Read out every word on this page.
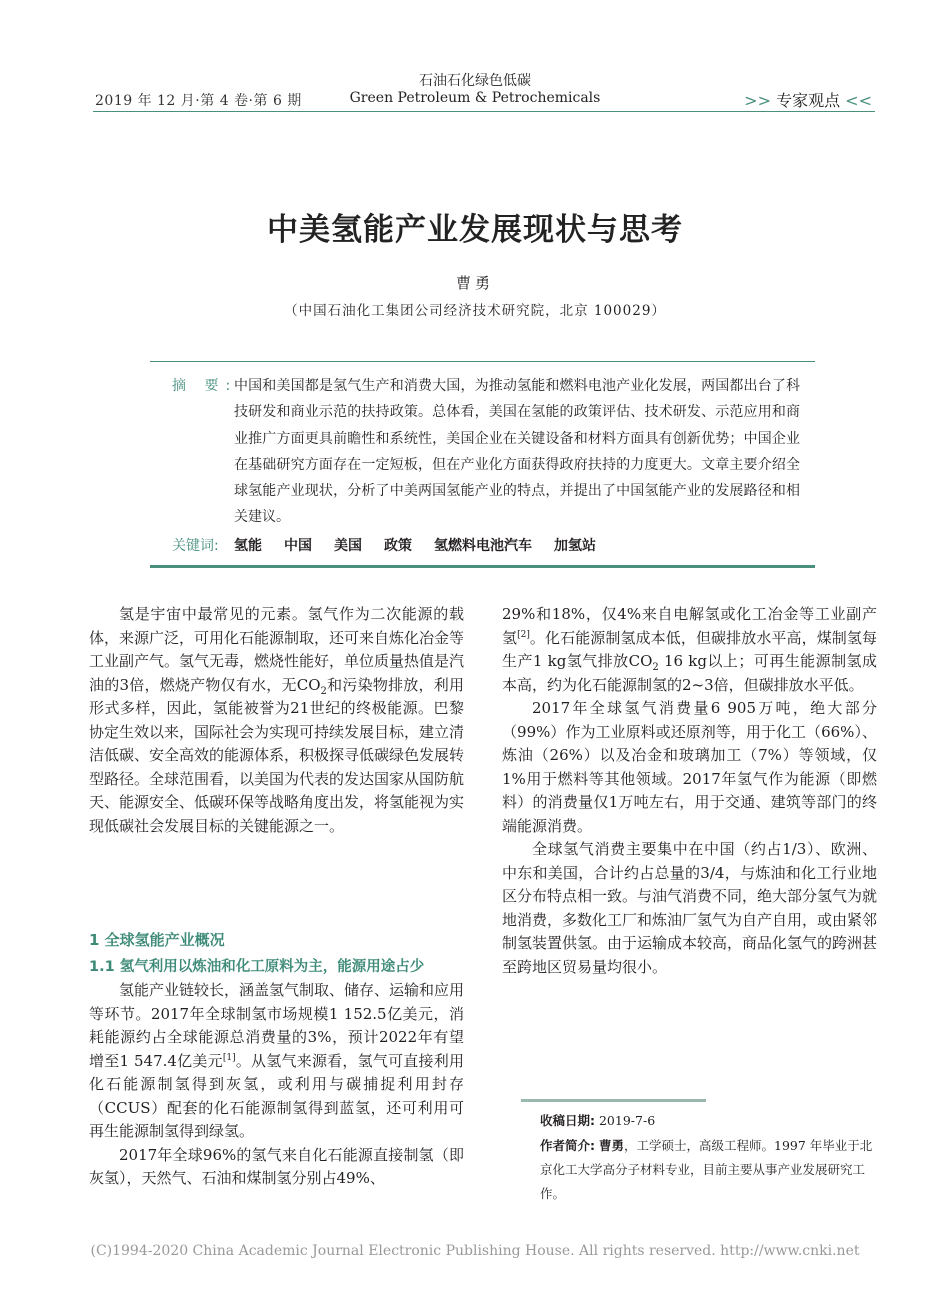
2019 年 12 月·第 4 卷·第 6 期
石油石化绿色低碳
Green Petroleum & Petrochemicals	>> 专家观点 <<
中美氢能产业发展现状与思考
曹勇
（中国石油化工集团公司经济技术研究院，北京 100029）
摘 要:
中国和美国都是氢气生产和消费大国，为推动氢能和燃料电池产业化发展，两国都出台了科技研发和商业示范的扶持政策。总体看，美国在氢能的政策评估、技术研发、示范应用和商业推广方面更具前瞻性和系统性，美国企业在关键设备和材料方面具有创新优势；中国企业在基础研究方面存在一定短板，但在产业化方面获得政府扶持的力度更大。文章主要介绍全球氢能产业现状，分析了中美两国氢能产业的特点，并提出了中国氢能产业的发展路径和相关建议。
关键词: 氢能 中国 美国 政策 氢燃料电池汽车 加氢站

氢是宇宙中最常见的元素。氢气作为二次能源的载体，来源广泛，可用化石能源制取，还可来自炼化冶金等工业副产气。氢气无毒，燃烧性能好，单位质量热值是汽油的3倍，燃烧产物仅有水，无$CO_2$和污染物排放，利用形式多样，因此，氢能被誉为21世纪的终极能源。巴黎协定生效以来，国际社会为实现可持续发展目标，建立清洁低碳、安全高效的能源体系，积极探寻低碳绿色发展转型路径。全球范围看，以美国为代表的发达国家从国防航天、能源安全、低碳环保等战略角度出发，将氢能视为实现低碳社会发展目标的关键能源之一。

1 全球氢能产业概况
1.1 氢气利用以炼油和化工原料为主，能源用途占少

氢能产业链较长，涵盖氢气制取、储存、运输和应用等环节。2017年全球制氢市场规模1 152.5亿美元，消耗能源约占全球能源总消费量的3%，预计2022年有望增至1 547.4亿美元[1]。从氢气来源看，氢气可直接利用化石能源制氢得到灰氢，或利用与碳捕捉利用封存（CCUS）配套的化石能源制氢得到蓝氢，还可利用可再生能源制氢得到绿氢。

2017年全球96%的氢气来自化石能源直接制氢（即灰氢），天然气、石油和煤制氢分别占49%、

29%和18%，仅4%来自电解氢或化工冶金等工业副产氢[2]。化石能源制氢成本低，但碳排放水平高，煤制氢每生产1 kg氢气排放$CO_2$ 16 kg以上；可再生能源制氢成本高，约为化石能源制氢的2~3倍，但碳排放水平低。

2017年全球氢气消费量6 905万吨，绝大部分（99%）作为工业原料或还原剂等，用于化工（66%）、炼油（26%）以及冶金和玻璃加工（7%）等领域，仅1%用于燃料等其他领域。2017年氢气作为能源（即燃料）的消费量仅1万吨左右，用于交通、建筑等部门的终端能源消费。

全球氢气消费主要集中在中国（约占1/3）、欧洲、中东和美国，合计约占总量的3/4，与炼油和化工行业地区分布特点相一致。与油气消费不同，绝大部分氢气为就地消费，多数化工厂和炼油厂氢气为自产自用，或由紧邻制氢装置供氢。由于运输成本较高，商品化氢气的跨洲甚至跨地区贸易量均很小。

收稿日期: 2019-7-6
作者简介: 曹勇，工学硕士，高级工程师。1997 年毕业于北京化工大学高分子材料专业，目前主要从事产业发展研究工作。
(C)1994-2020 China Academic Journal Electronic Publishing House. All rights reserved. http://www.cnki.net
